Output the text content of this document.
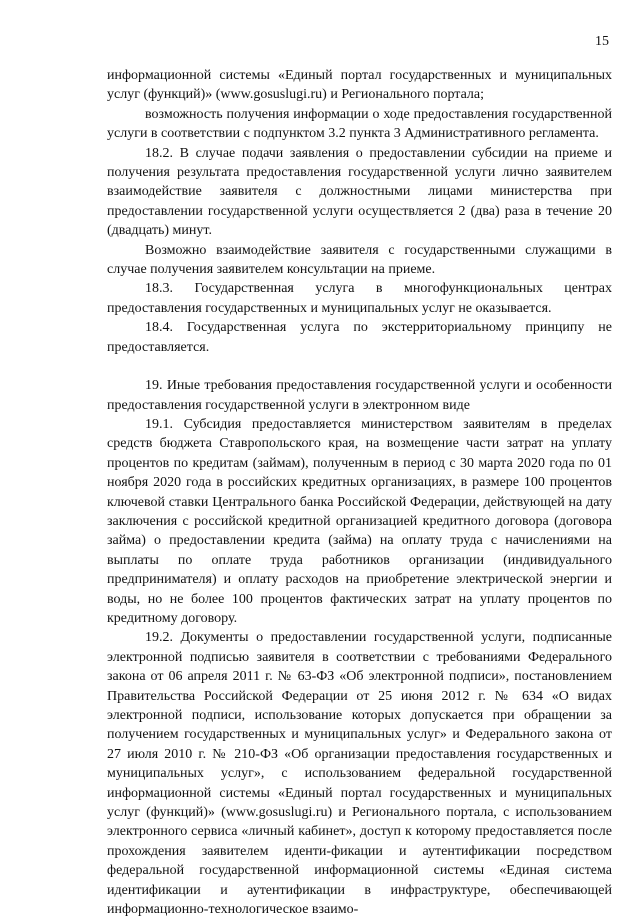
15

информационной системы «Единый портал государственных и муниципальных услуг (функций)» (www.gosuslugi.ru) и Регионального портала;

возможность получения информации о ходе предоставления государственной услуги в соответствии с подпунктом 3.2 пункта 3 Административного регламента.

18.2. В случае подачи заявления о предоставлении субсидии на приеме и получения результата предоставления государственной услуги лично заявителем взаимодействие заявителя с должностными лицами министерства при предоставлении государственной услуги осуществляется 2 (два) раза в течение 20 (двадцать) минут.

Возможно взаимодействие заявителя с государственными служащими в случае получения заявителем консультации на приеме.

18.3. Государственная услуга в многофункциональных центрах предоставления государственных и муниципальных услуг не оказывается.

18.4. Государственная услуга по экстерриториальному принципу не предоставляется.

19. Иные требования предоставления государственной услуги и особенности предоставления государственной услуги в электронном виде

19.1. Субсидия предоставляется министерством заявителям в пределах средств бюджета Ставропольского края, на возмещение части затрат на уплату процентов по кредитам (займам), полученным в период с 30 марта 2020 года по 01 ноября 2020 года в российских кредитных организациях, в размере 100 процентов ключевой ставки Центрального банка Российской Федерации, действующей на дату заключения с российской кредитной организацией кредитного договора (договора займа) о предоставлении кредита (займа) на оплату труда с начислениями на выплаты по оплате труда работников организации (индивидуального предпринимателя) и оплату расходов на приобретение электрической энергии и воды, но не более 100 процентов фактических затрат на уплату процентов по кредитному договору.

19.2. Документы о предоставлении государственной услуги, подписанные электронной подписью заявителя в соответствии с требованиями Федерального закона от 06 апреля 2011 г. № 63-ФЗ «Об электронной подписи», постановлением Правительства Российской Федерации от 25 июня 2012 г. № 634 «О видах электронной подписи, использование которых допускается при обращении за получением государственных и муниципальных услуг» и Федерального закона от 27 июля 2010 г. № 210-ФЗ «Об организации предоставления государственных и муниципальных услуг», с использованием федеральной государственной информационной системы «Единый портал государственных и муниципальных услуг (функций)» (www.gosuslugi.ru) и Регионального портала, с использованием электронного сервиса «личный кабинет», доступ к которому предоставляется после прохождения заявителем иденти-фикации и аутентификации посредством федеральной государственной информационной системы «Единая система идентификации и аутентификации в инфраструктуре, обеспечивающей информационно-технологическое взаимо-
